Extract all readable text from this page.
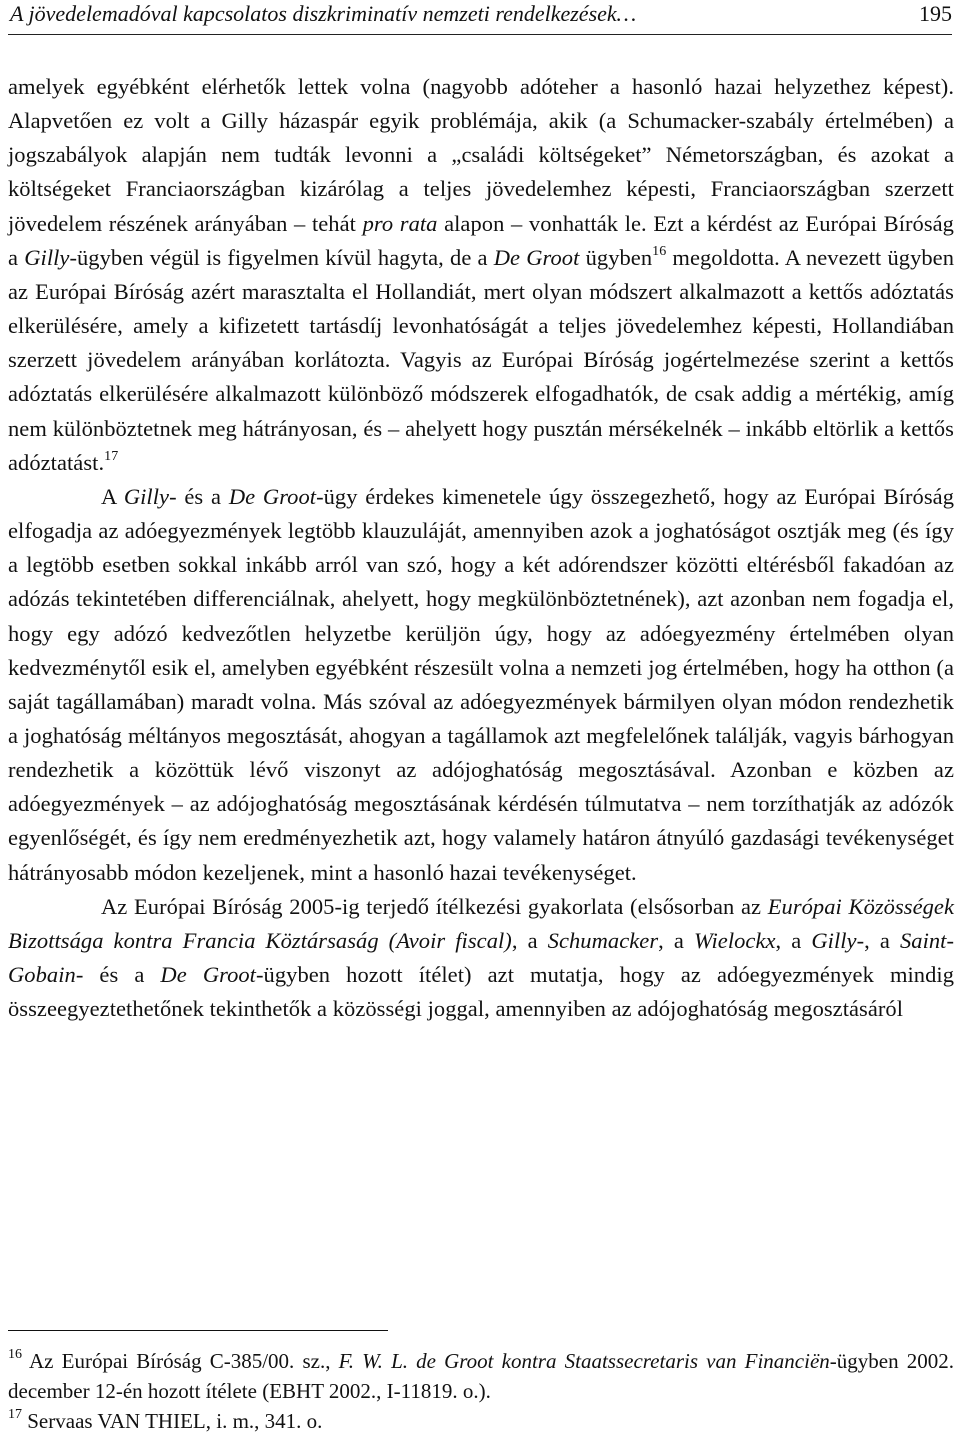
A jövedelemadóval kapcsolatos diszkriminatív nemzeti rendelkezések…	195

amelyek egyébként elérhetők lettek volna (nagyobb adóteher a hasonló hazai helyzethez képest). Alapvetően ez volt a Gilly házaspár egyik problémája, akik (a Schumacker-szabály értelmében) a jogszabályok alapján nem tudták levonni a „családi költségeket” Németországban, és azokat a költségeket Franciaországban kizárólag a teljes jövedelemhez képesti, Franciaországban szerzett jövedelem részének arányában – tehát pro rata alapon – vonhatták le. Ezt a kérdést az Európai Bíróság a Gilly-ügyben végül is figyelmen kívül hagyta, de a De Groot ügyben$^{16}$ megoldotta. A nevezett ügyben az Európai Bíróság azért marasztalta el Hollandiát, mert olyan módszert alkalmazott a kettős adóztatás elkerülésére, amely a kifizetett tartásdíj levonhatóságát a teljes jövedelemhez képesti, Hollandiában szerzett jövedelem arányában korlátozta. Vagyis az Európai Bíróság jogértelmezése szerint a kettős adóztatás elkerülésére alkalmazott különböző módszerek elfogadhatók, de csak addig a mértékig, amíg nem különböztetnek meg hátrányosan, és – ahelyett hogy pusztán mérsékelnék – inkább eltörlik a kettős adóztatást.$^{17}$

A Gilly- és a De Groot-ügy érdekes kimenetele úgy összegezhető, hogy az Európai Bíróság elfogadja az adóegyezmények legtöbb klauzuláját, amennyiben azok a joghatóságot osztják meg (és így a legtöbb esetben sokkal inkább arról van szó, hogy a két adórendszer közötti eltérésből fakadóan az adózás tekintetében differenciálnak, ahelyett, hogy megkülönböztetnének), azt azonban nem fogadja el, hogy egy adózó kedvezőtlen helyzetbe kerüljön úgy, hogy az adóegyezmény értelmében olyan kedvezménytől esik el, amelyben egyébként részesült volna a nemzeti jog értelmében, hogy ha otthon (a saját tagállamában) maradt volna. Más szóval az adóegyezmények bármilyen olyan módon rendezhetik a joghatóság méltányos megosztását, ahogyan a tagállamok azt megfelelőnek találják, vagyis bárhogyan rendezhetik a közöttük lévő viszonyt az adójoghatóság megosztásával. Azonban e közben az adóegyezmények – az adójoghatóság megosztásának kérdésén túlmutatva – nem torzíthatják az adózók egyenlőségét, és így nem eredményezhetik azt, hogy valamely határon átnyúló gazdasági tevékenységet hátrányosabb módon kezeljenek, mint a hasonló hazai tevékenységet.

Az Európai Bíróság 2005-ig terjedő ítélkezési gyakorlata (elsősorban az Európai Közösségek Bizottsága kontra Francia Köztársaság (Avoir fiscal), a Schumacker, a Wielockx, a Gilly-, a Saint-Gobain- és a De Groot-ügyben hozott ítélet) azt mutatja, hogy az adóegyezmények mindig összeegyeztethetőnek tekinthetők a közösségi joggal, amennyiben az adójoghatóság megosztásáról

$^{16}$ Az Európai Bíróság C-385/00. sz., F. W. L. de Groot kontra Staatssecretaris van Financiën-ügyben 2002. december 12-én hozott ítélete (EBHT 2002., I-11819. o.).

$^{17}$ Servaas VAN THIEL, i. m., 341. o.
